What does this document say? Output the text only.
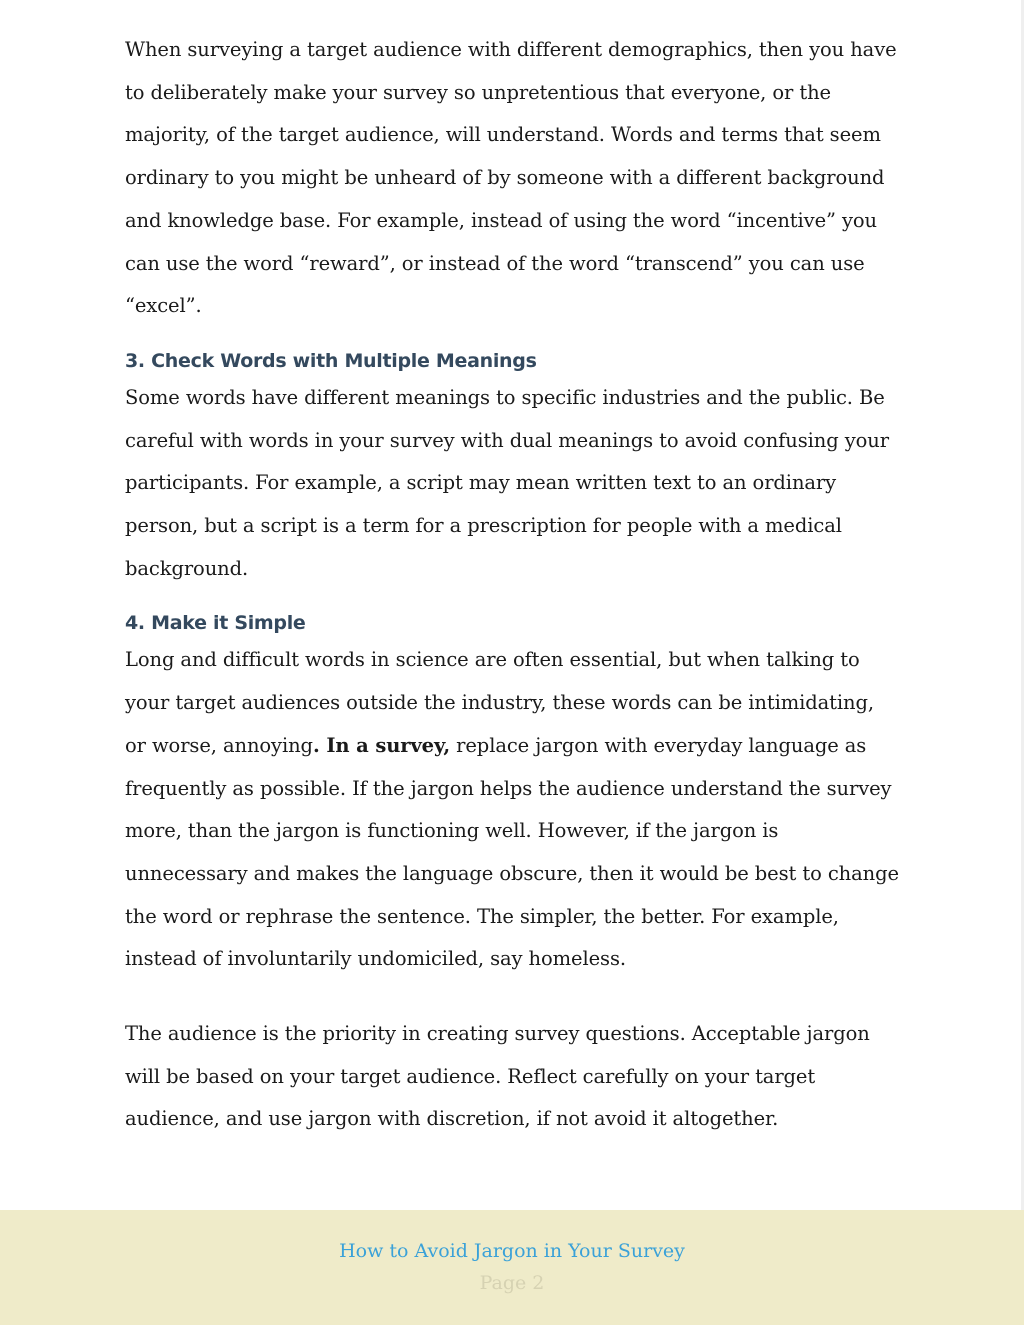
When surveying a target audience with different demographics, then you have to deliberately make your survey so unpretentious that everyone, or the majority, of the target audience, will understand. Words and terms that seem ordinary to you might be unheard of by someone with a different background and knowledge base. For example, instead of using the word “incentive” you can use the word “reward”, or instead of the word “transcend” you can use “excel”.

3. Check Words with Multiple Meanings

Some words have different meanings to specific industries and the public. Be careful with words in your survey with dual meanings to avoid confusing your participants. For example, a script may mean written text to an ordinary person, but a script is a term for a prescription for people with a medical background.

4. Make it Simple

Long and difficult words in science are often essential, but when talking to your target audiences outside the industry, these words can be intimidating, or worse, annoying. In a survey, replace jargon with everyday language as frequently as possible. If the jargon helps the audience understand the survey more, than the jargon is functioning well. However, if the jargon is unnecessary and makes the language obscure, then it would be best to change the word or rephrase the sentence. The simpler, the better. For example, instead of involuntarily undomiciled, say homeless.

The audience is the priority in creating survey questions. Acceptable jargon will be based on your target audience. Reflect carefully on your target audience, and use jargon with discretion, if not avoid it altogether.

How to Avoid Jargon in Your Survey
Page 2
